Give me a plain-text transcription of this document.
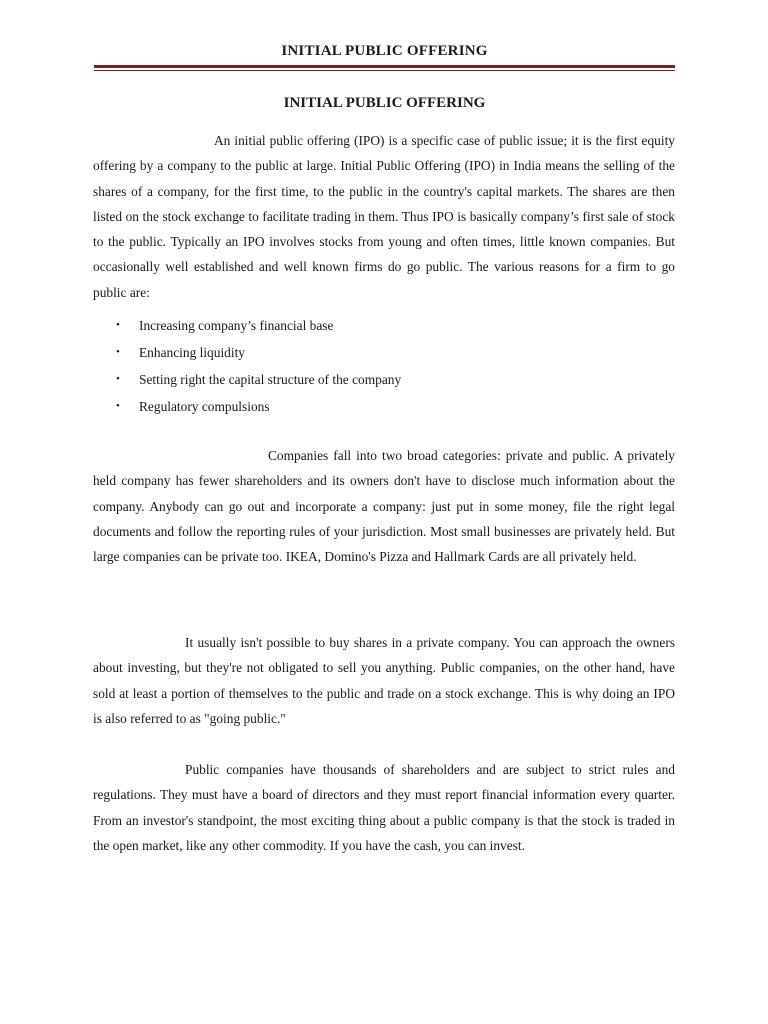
INITIAL PUBLIC OFFERING
INITIAL PUBLIC OFFERING

An initial public offering (IPO) is a specific case of public issue; it is the first equity offering by a company to the public at large. Initial Public Offering (IPO) in India means the selling of the shares of a company, for the first time, to the public in the country's capital markets. The shares are then listed on the stock exchange to facilitate trading in them. Thus IPO is basically company’s first sale of stock to the public. Typically an IPO involves stocks from young and often times, little known companies. But occasionally well established and well known firms do go public. The various reasons for a firm to go public are:

• Increasing company’s financial base
• Enhancing liquidity
• Setting right the capital structure of the company
• Regulatory compulsions

Companies fall into two broad categories: private and public. A privately held company has fewer shareholders and its owners don't have to disclose much information about the company. Anybody can go out and incorporate a company: just put in some money, file the right legal documents and follow the reporting rules of your jurisdiction. Most small businesses are privately held. But large companies can be private too. IKEA, Domino's Pizza and Hallmark Cards are all privately held.

It usually isn't possible to buy shares in a private company. You can approach the owners about investing, but they're not obligated to sell you anything. Public companies, on the other hand, have sold at least a portion of themselves to the public and trade on a stock exchange. This is why doing an IPO is also referred to as "going public."

Public companies have thousands of shareholders and are subject to strict rules and regulations. They must have a board of directors and they must report financial information every quarter. From an investor's standpoint, the most exciting thing about a public company is that the stock is traded in the open market, like any other commodity. If you have the cash, you can invest.
